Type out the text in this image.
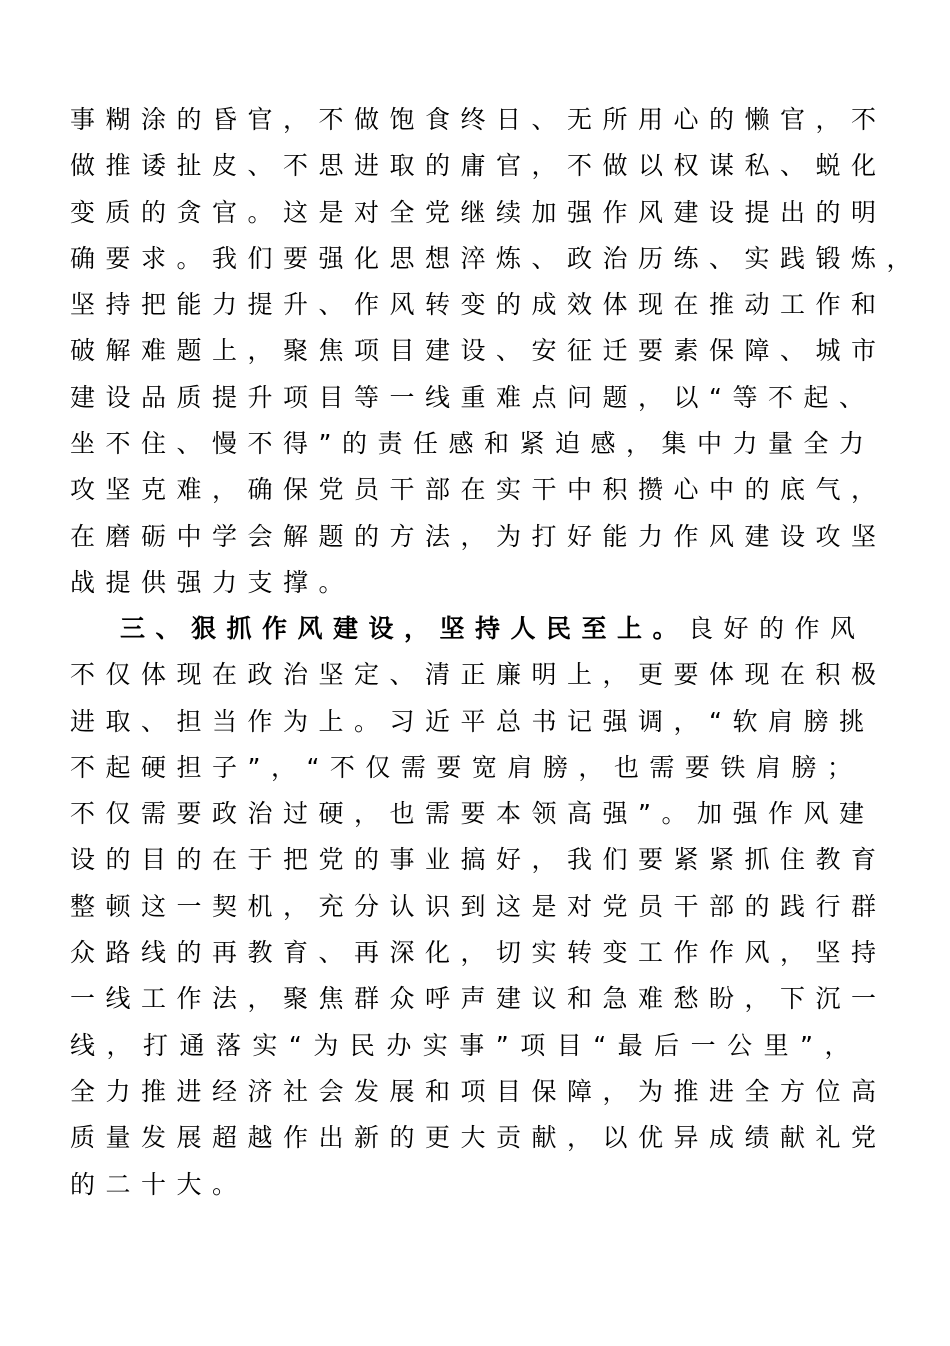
事糊涂的昏官，不做饱食终日、无所用心的懒官，不
做推诿扯皮、不思进取的庸官，不做以权谋私、蜕化
变质的贪官。这是对全党继续加强作风建设提出的明
确要求。我们要强化思想淬炼、政治历练、实践锻炼，
坚持把能力提升、作风转变的成效体现在推动工作和
破解难题上，聚焦项目建设、安征迁要素保障、城市
建设品质提升项目等一线重难点问题，以“等不起、
坐不住、慢不得”的责任感和紧迫感，集中力量全力
攻坚克难，确保党员干部在实干中积攒心中的底气，
在磨砺中学会解题的方法，为打好能力作风建设攻坚
战提供强力支撑。
三、狠抓作风建设，坚持人民至上。良好的作风
不仅体现在政治坚定、清正廉明上，更要体现在积极
进取、担当作为上。习近平总书记强调，“软肩膀挑
不起硬担子”，“不仅需要宽肩膀，也需要铁肩膀；
不仅需要政治过硬，也需要本领高强”。加强作风建
设的目的在于把党的事业搞好，我们要紧紧抓住教育
整顿这一契机，充分认识到这是对党员干部的践行群
众路线的再教育、再深化，切实转变工作作风，坚持
一线工作法，聚焦群众呼声建议和急难愁盼，下沉一
线，打通落实“为民办实事”项目“最后一公里”，
全力推进经济社会发展和项目保障，为推进全方位高
质量发展超越作出新的更大贡献，以优异成绩献礼党
的二十大。
